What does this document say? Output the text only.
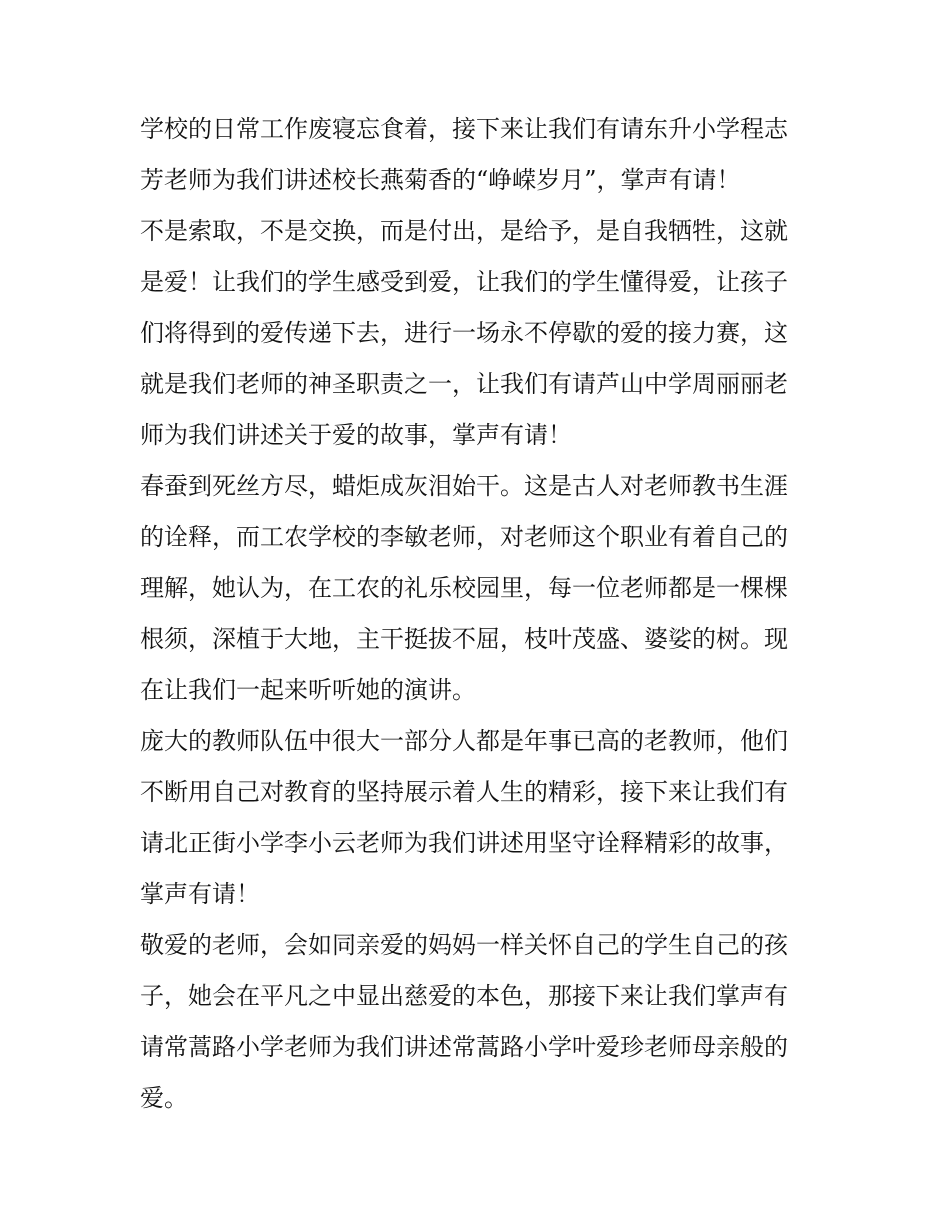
学校的日常工作废寝忘食着，接下来让我们有请东升小学程志
芳老师为我们讲述校长燕菊香的“峥嵘岁月”，掌声有请！

不是索取，不是交换，而是付出，是给予，是自我牺牲，这就
是爱！让我们的学生感受到爱，让我们的学生懂得爱，让孩子
们将得到的爱传递下去，进行一场永不停歇的爱的接力赛，这
就是我们老师的神圣职责之一，让我们有请芦山中学周丽丽老
师为我们讲述关于爱的故事，掌声有请！

春蚕到死丝方尽，蜡炬成灰泪始干。这是古人对老师教书生涯
的诠释，而工农学校的李敏老师，对老师这个职业有着自己的
理解，她认为，在工农的礼乐校园里，每一位老师都是一棵棵
根须，深植于大地，主干挺拔不屈，枝叶茂盛、婆娑的树。现
在让我们一起来听听她的演讲。

庞大的教师队伍中很大一部分人都是年事已高的老教师，他们
不断用自己对教育的坚持展示着人生的精彩，接下来让我们有
请北正街小学李小云老师为我们讲述用坚守诠释精彩的故事，
掌声有请！

敬爱的老师，会如同亲爱的妈妈一样关怀自己的学生自己的孩
子，她会在平凡之中显出慈爱的本色，那接下来让我们掌声有
请常蒿路小学老师为我们讲述常蒿路小学叶爱珍老师母亲般的
爱。
